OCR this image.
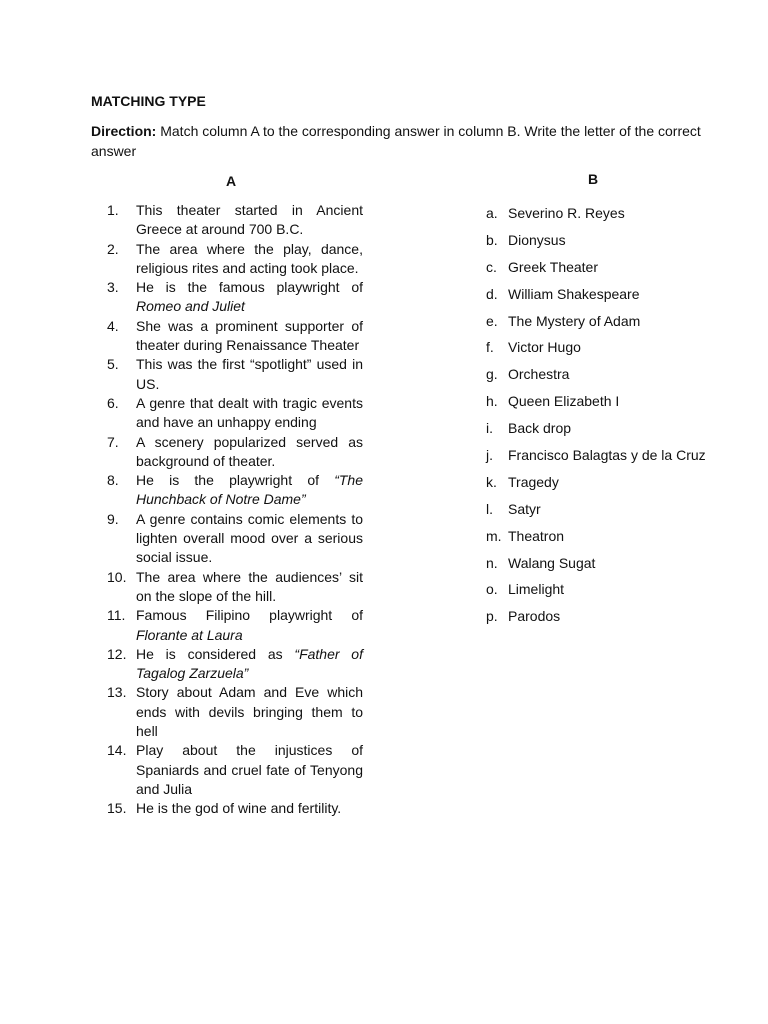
MATCHING TYPE

Direction: Match column A to the corresponding answer in column B. Write the letter of the correct answer

A	B
1.	This theater started in Ancient Greece at around 700 B.C.
2.	The area where the play, dance, religious rites and acting took place.
3.	He is the famous playwright of Romeo and Juliet
4.	She was a prominent supporter of theater during Renaissance Theater
5.	This was the first “spotlight” used in US.
6.	A genre that dealt with tragic events and have an unhappy ending
7.	A scenery popularized served as background of theater.
8.	He is the playwright of “The Hunchback of Notre Dame”
9.	A genre contains comic elements to lighten overall mood over a serious social issue.
10. The area where the audiences’ sit on the slope of the hill.
11. Famous Filipino playwright of Florante at Laura
12. He is considered as “Father of Tagalog Zarzuela”
13. Story about Adam and Eve which ends with devils bringing them to hell
14. Play about the injustices of Spaniards and cruel fate of Tenyong and Julia
15. He is the god of wine and fertility.
a. Severino R. Reyes
b. Dionysus
c. Greek Theater
d. William Shakespeare
e. The Mystery of Adam
f.	Victor Hugo
g. Orchestra
h. Queen Elizabeth I
i.	Back drop
j.	Francisco Balagtas y de la Cruz
k. Tragedy
l.	Satyr
m. Theatron
n. Walang Sugat
o. Limelight
p. Parodos
